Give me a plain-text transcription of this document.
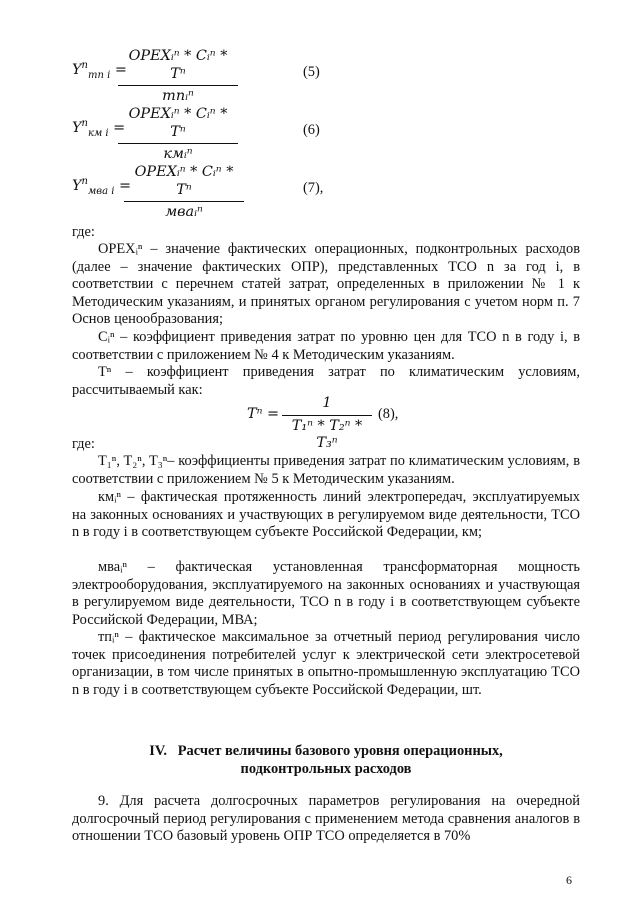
$Y^n_{тп i}$ =
OPEXᵢⁿ * Cᵢⁿ * Tⁿ
тпᵢⁿ
(5)
$Y^n_{км i}$ =
OPEXᵢⁿ * Cᵢⁿ * Tⁿ
кмᵢⁿ
(6)
$Y^n_{мва i}$ =
OPEXᵢⁿ * Cᵢⁿ * Tⁿ
мваᵢⁿ
(7),
где:
OPEXᵢⁿ – значение фактических операционных, подконтрольных расходов (далее – значение фактических ОПР), представленных ТСО n за год i, в соответствии с перечнем статей затрат, определенных в приложении № 1 к Методическим указаниям, и принятых органом регулирования с учетом норм п. 7 Основ ценообразования;
Cᵢⁿ – коэффициент приведения затрат по уровню цен для ТСО n в году i, в соответствии с приложением № 4 к Методическим указаниям.
Tⁿ – коэффициент приведения затрат по климатическим условиям, рассчитываемый как:
Tⁿ =
1
T₁ⁿ * T₂ⁿ * T₃ⁿ
(8),
где:
T₁ⁿ, T₂ⁿ, T₃ⁿ– коэффициенты приведения затрат по климатическим условиям, в соответствии с приложением № 5 к Методическим указаниям.
кмᵢⁿ – фактическая протяженность линий электропередач, эксплуатируемых на законных основаниях и участвующих в регулируемом виде деятельности, ТСО n в году i в соответствующем субъекте Российской Федерации, км;
мваᵢⁿ – фактическая установленная трансформаторная мощность электрооборудования, эксплуатируемого на законных основаниях и участвующая в регулируемом виде деятельности, ТСО n в году i в соответствующем субъекте Российской Федерации, МВА;
тпᵢⁿ – фактическое максимальное за отчетный период регулирования число точек присоединения потребителей услуг к электрической сети электросетевой организации, в том числе принятых в опытно-промышленную эксплуатацию ТСО n в году i в соответствующем субъекте Российской Федерации, шт.
IV.   Расчет величины базового уровня операционных,
подконтрольных расходов
9. Для расчета долгосрочных параметров регулирования на очередной долгосрочный период регулирования с применением метода сравнения аналогов в отношении ТСО базовый уровень ОПР ТСО определяется в 70%
6
